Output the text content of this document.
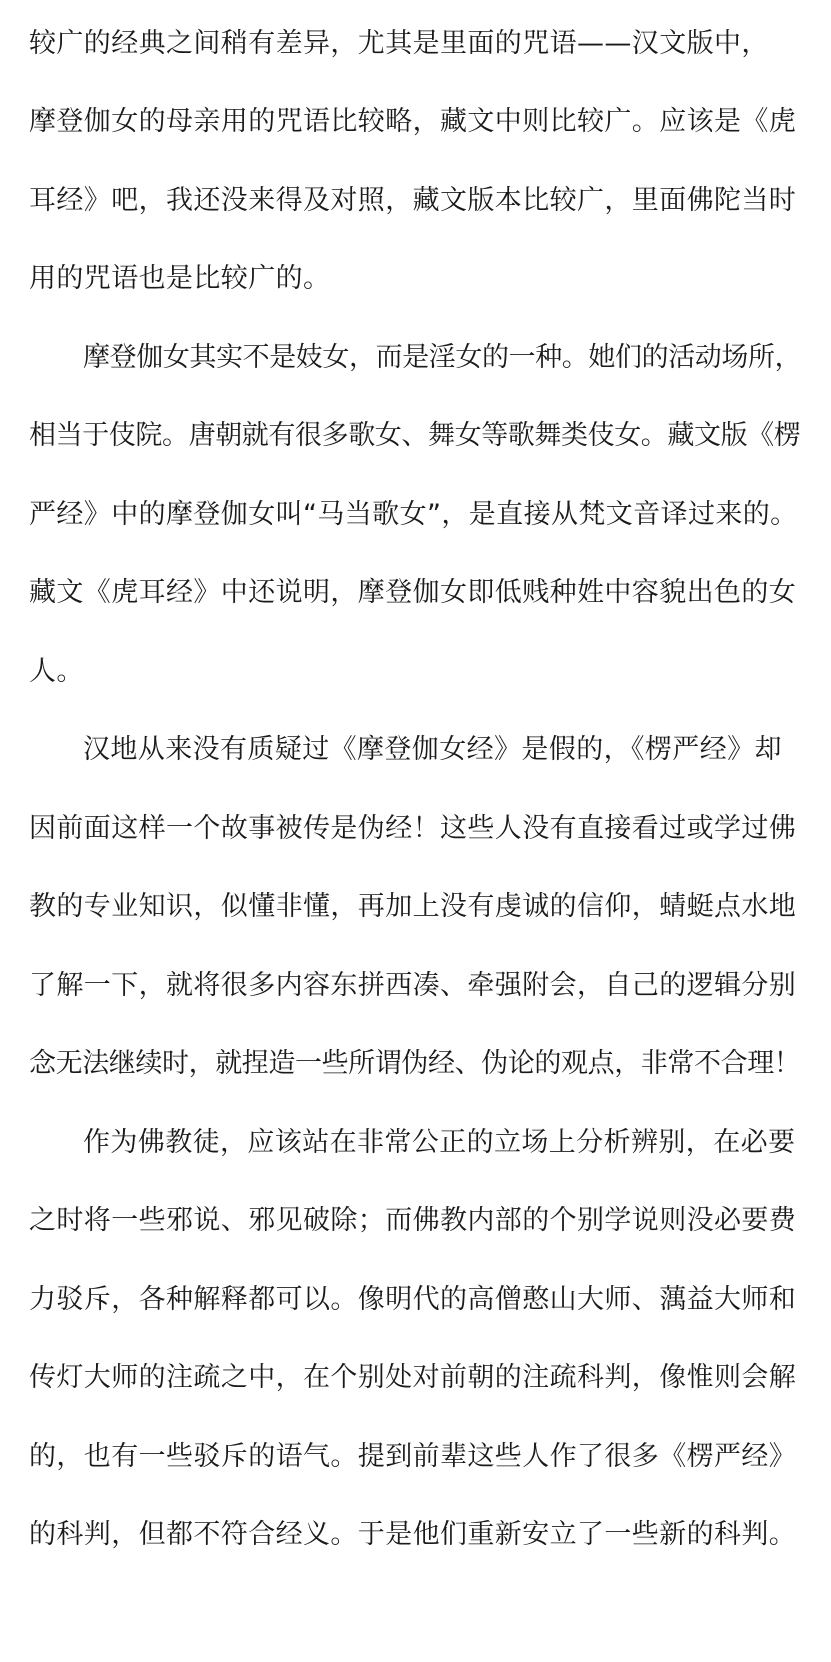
较广的经典之间稍有差异，尤其是里面的咒语——汉文版中，
摩登伽女的母亲用的咒语比较略，藏文中则比较广。应该是《虎
耳经》吧，我还没来得及对照，藏文版本比较广，里面佛陀当时
用的咒语也是比较广的。
摩登伽女其实不是妓女，而是淫女的一种。她们的活动场所，
相当于伎院。唐朝就有很多歌女、舞女等歌舞类伎女。藏文版《楞
严经》中的摩登伽女叫“马当歌女”，是直接从梵文音译过来的。
藏文《虎耳经》中还说明，摩登伽女即低贱种姓中容貌出色的女
人。
汉地从来没有质疑过《摩登伽女经》是假的，《楞严经》却
因前面这样一个故事被传是伪经！这些人没有直接看过或学过佛
教的专业知识，似懂非懂，再加上没有虔诚的信仰，蜻蜓点水地
了解一下，就将很多内容东拼西凑、牵强附会，自己的逻辑分别
念无法继续时，就捏造一些所谓伪经、伪论的观点，非常不合理！
作为佛教徒，应该站在非常公正的立场上分析辨别，在必要
之时将一些邪说、邪见破除；而佛教内部的个别学说则没必要费
力驳斥，各种解释都可以。像明代的高僧憨山大师、蕅益大师和
传灯大师的注疏之中，在个别处对前朝的注疏科判，像惟则会解
的，也有一些驳斥的语气。提到前辈这些人作了很多《楞严经》
的科判，但都不符合经义。于是他们重新安立了一些新的科判。
